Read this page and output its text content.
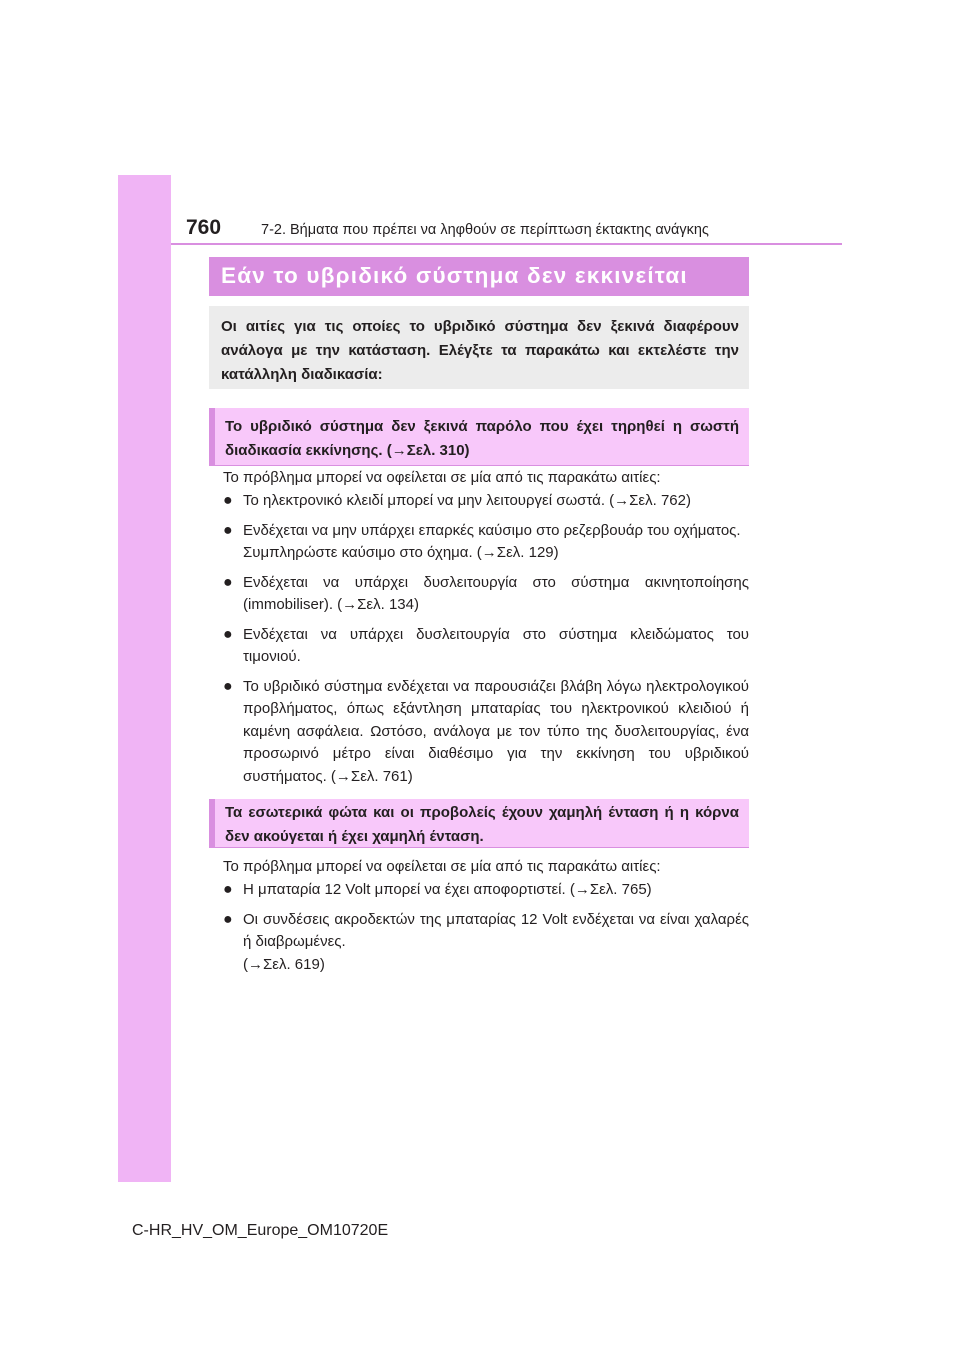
760	7-2. Βήματα που πρέπει να ληφθούν σε περίπτωση έκτακτης ανάγκης
Εάν το υβριδικό σύστημα δεν εκκινείται
Οι αιτίες για τις οποίες το υβριδικό σύστημα δεν ξεκινά διαφέρουν ανάλογα με την κατάσταση. Ελέγξτε τα παρακάτω και εκτελέστε την κατάλληλη διαδικασία:
Το υβριδικό σύστημα δεν ξεκινά παρόλο που έχει τηρηθεί η σωστή διαδικασία εκκίνησης. (→Σελ. 310)
Το πρόβλημα μπορεί να οφείλεται σε μία από τις παρακάτω αιτίες:
● Το ηλεκτρονικό κλειδί μπορεί να μην λειτουργεί σωστά. (→Σελ. 762)
● Ενδέχεται να μην υπάρχει επαρκές καύσιμο στο ρεζερβουάρ του οχήματος.
Συμπληρώστε καύσιμο στο όχημα. (→Σελ. 129)
● Ενδέχεται να υπάρχει δυσλειτουργία στο σύστημα ακινητοποίησης (immobiliser). (→Σελ. 134)
● Ενδέχεται να υπάρχει δυσλειτουργία στο σύστημα κλειδώματος του τιμονιού.
● Το υβριδικό σύστημα ενδέχεται να παρουσιάζει βλάβη λόγω ηλεκτρολογικού προβλήματος, όπως εξάντληση μπαταρίας του ηλεκτρονικού κλειδιού ή καμένη ασφάλεια. Ωστόσο, ανάλογα με τον τύπο της δυσλειτουργίας, ένα προσωρινό μέτρο είναι διαθέσιμο για την εκκίνηση του υβριδικού συστήματος. (→Σελ. 761)
Τα εσωτερικά φώτα και οι προβολείς έχουν χαμηλή ένταση ή η κόρνα δεν ακούγεται ή έχει χαμηλή ένταση.
Το πρόβλημα μπορεί να οφείλεται σε μία από τις παρακάτω αιτίες:
● Η μπαταρία 12 Volt μπορεί να έχει αποφορτιστεί. (→Σελ. 765)
● Οι συνδέσεις ακροδεκτών της μπαταρίας 12 Volt ενδέχεται να είναι χαλαρές ή διαβρωμένες.
(→Σελ. 619)
C-HR_HV_OM_Europe_OM10720E
